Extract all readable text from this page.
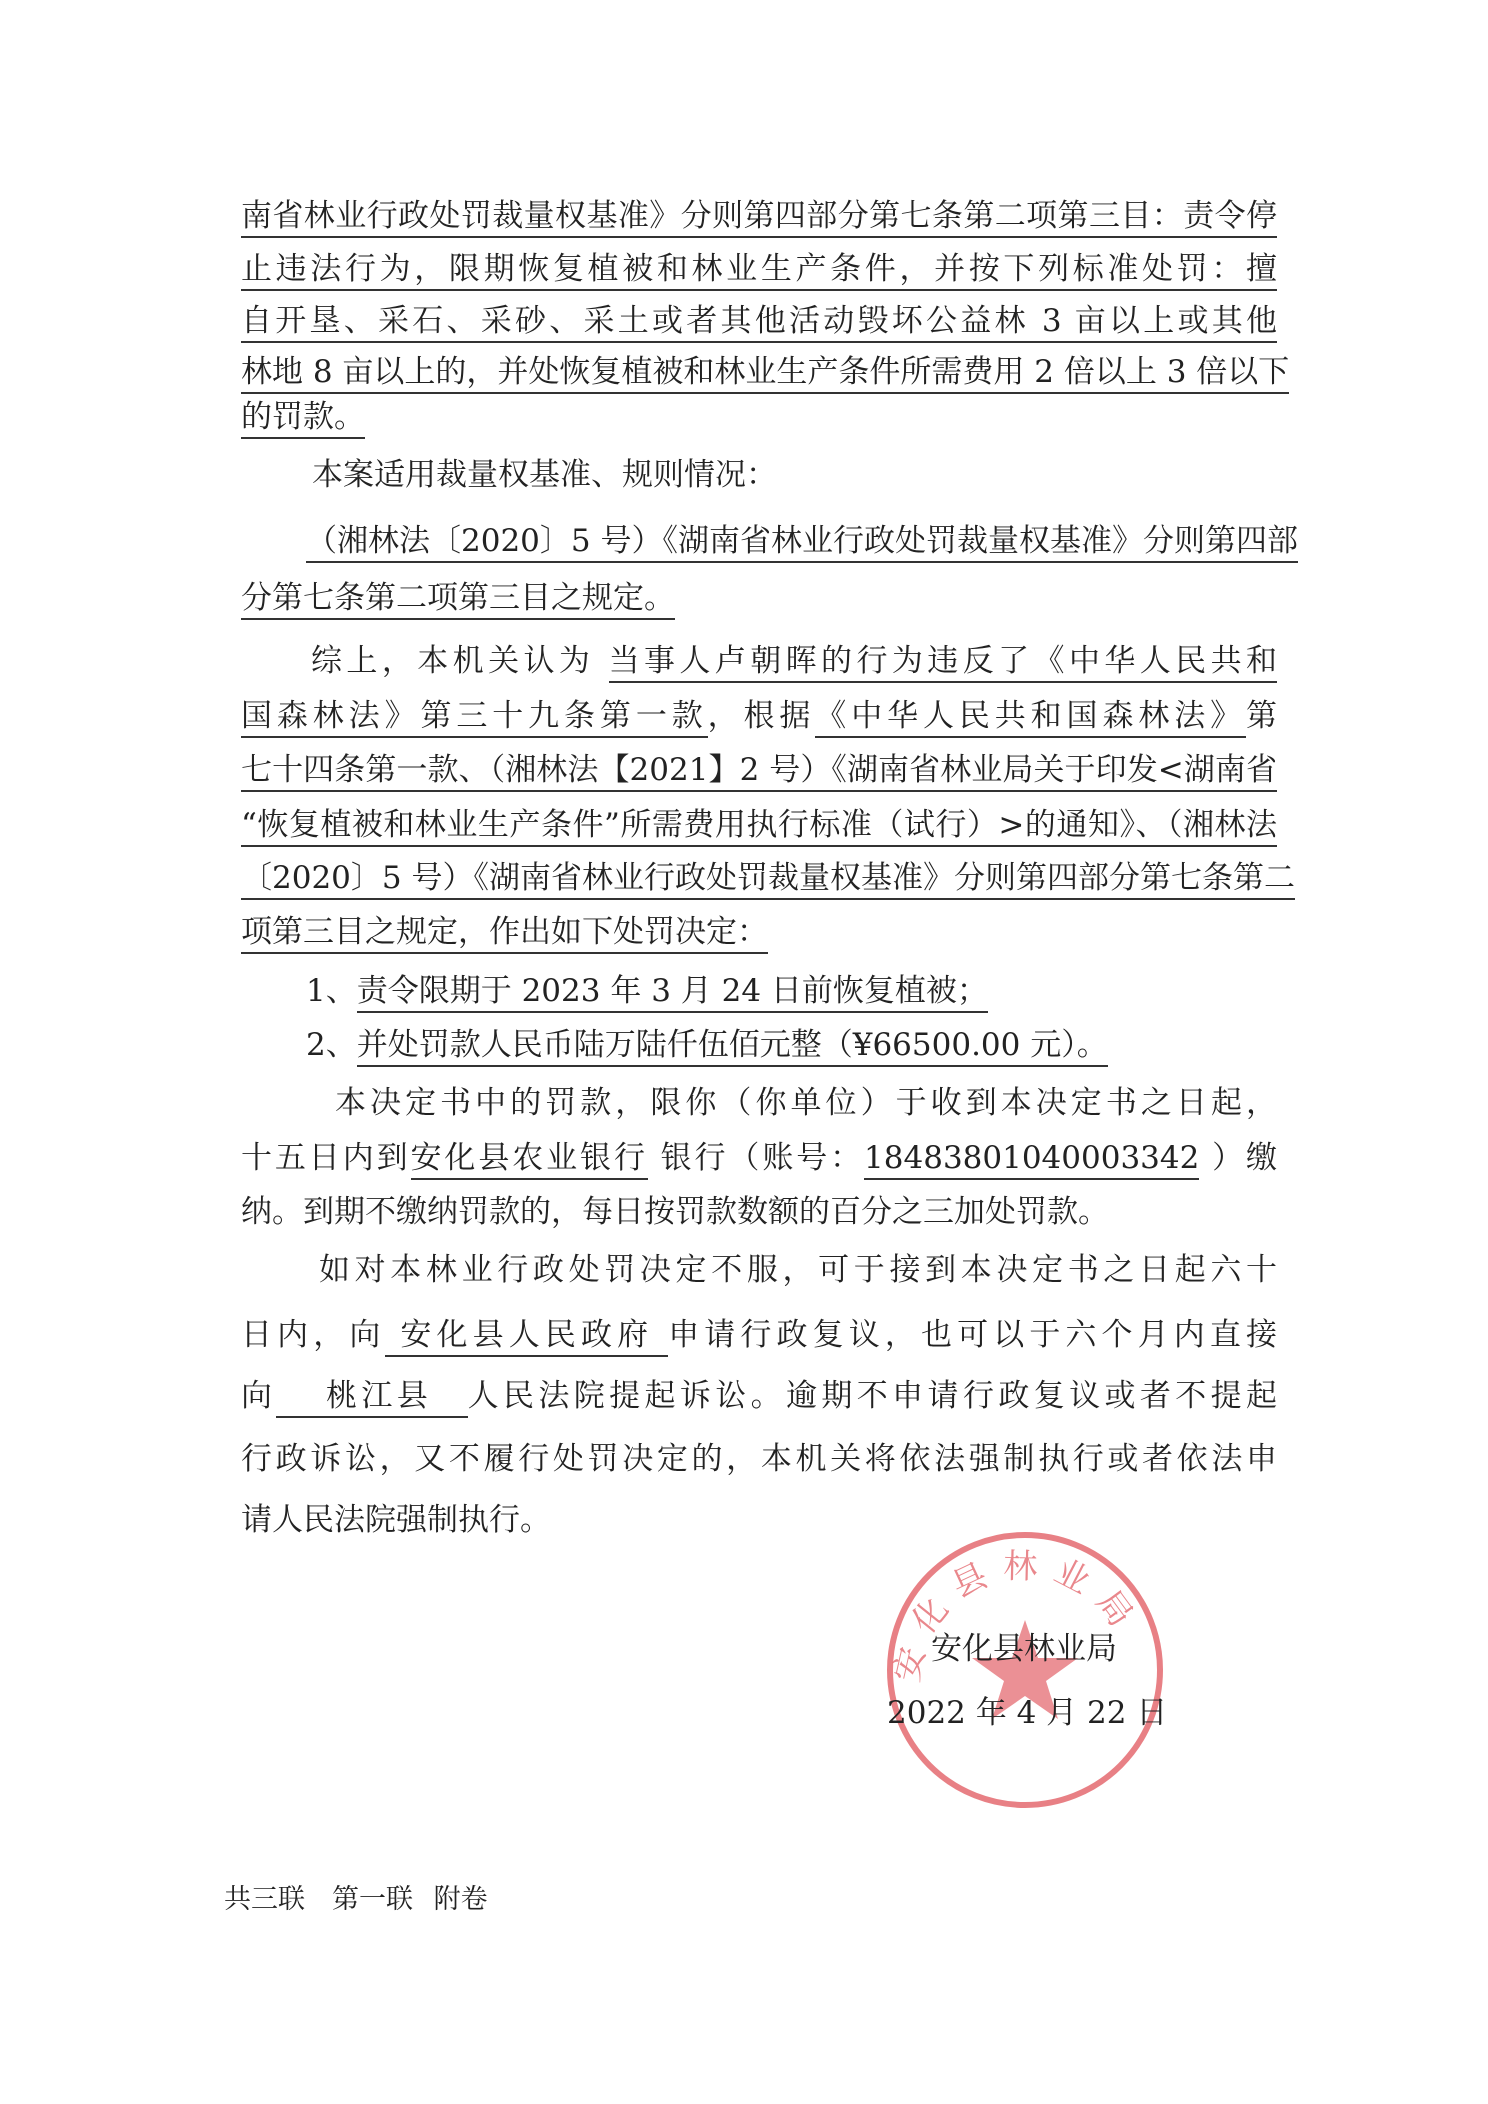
南省林业行政处罚裁量权基准》分则第四部分第七条第二项第三目：责令停
止违法行为，限期恢复植被和林业生产条件，并按下列标准处罚：擅
自开垦、采石、采砂、采土或者其他活动毁坏公益林 3 亩以上或其他
林地 8 亩以上的，并处恢复植被和林业生产条件所需费用 2 倍以上 3 倍以下
的罚款。
本案适用裁量权基准、规则情况：
（湘林法〔2020〕5 号）《湖南省林业行政处罚裁量权基准》分则第四部
分第七条第二项第三目之规定。
综上，本机关认为 当事人卢朝晖的行为违反了《中华人民共和
国森林法》第三十九条第一款，根据《中华人民共和国森林法》第
七十四条第一款、（湘林法【2021】2 号）《湖南省林业局关于印发<湖南省
“恢复植被和林业生产条件”所需费用执行标准（试行）>的通知》、（湘林法
〔2020〕5 号）《湖南省林业行政处罚裁量权基准》分则第四部分第七条第二
项第三目之规定，作出如下处罚决定：
1、责令限期于 2023 年 3 月 24 日前恢复植被；
2、并处罚款人民币陆万陆仟伍佰元整（¥66500.00 元）。
本决定书中的罚款，限你（你单位）于收到本决定书之日起，
十五日内到安化县农业银行 银行（账号：18483801040003342 ）缴
纳。到期不缴纳罚款的，每日按罚款数额的百分之三加处罚款。
如对本林业行政处罚决定不服，可于接到本决定书之日起六十
日内，向 安化县人民政府 申请行政复议，也可以于六个月内直接
向　 桃江县　人民法院提起诉讼。逾期不申请行政复议或者不提起
行政诉讼，又不履行处罚决定的，本机关将依法强制执行或者依法申
请人民法院强制执行。
安化县林业局
安化县林业局
2022 年 4 月 22 日
共三联　第一联 附卷
